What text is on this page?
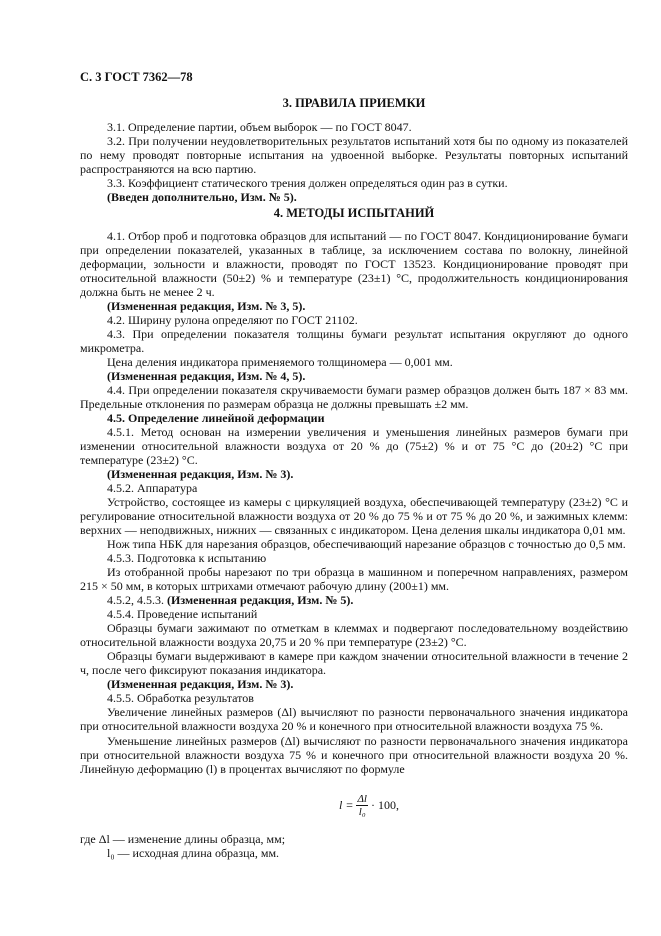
С. 3 ГОСТ 7362—78
3. ПРАВИЛА ПРИЕМКИ

3.1. Определение партии, объем выборок — по ГОСТ 8047.

3.2. При получении неудовлетворительных результатов испытаний хотя бы по одному из показателей по нему проводят повторные испытания на удвоенной выборке. Результаты повторных испытаний распространяются на всю партию.

3.3. Коэффициент статического трения должен определяться один раз в сутки.

(Введен дополнительно, Изм. № 5).

4. МЕТОДЫ ИСПЫТАНИЙ

4.1. Отбор проб и подготовка образцов для испытаний — по ГОСТ 8047. Кондиционирование бумаги при определении показателей, указанных в таблице, за исключением состава по волокну, линейной деформации, зольности и влажности, проводят по ГОСТ 13523. Кондиционирование проводят при относительной влажности (50±2) % и температуре (23±1) °С, продолжительность кондиционирования должна быть не менее 2 ч.

(Измененная редакция, Изм. № 3, 5).

4.2. Ширину рулона определяют по ГОСТ 21102.

4.3. При определении показателя толщины бумаги результат испытания округляют до одного микрометра.

Цена деления индикатора применяемого толщиномера — 0,001 мм.

(Измененная редакция, Изм. № 4, 5).

4.4. При определении показателя скручиваемости бумаги размер образцов должен быть 187 × 83 мм. Предельные отклонения по размерам образца не должны превышать ±2 мм.

4.5. Определение линейной деформации

4.5.1. Метод основан на измерении увеличения и уменьшения линейных размеров бумаги при изменении относительной влажности воздуха от 20 % до (75±2) % и от 75 °С до (20±2) °С при температуре (23±2) °С.

(Измененная редакция, Изм. № 3).

4.5.2. Аппаратура

Устройство, состоящее из камеры с циркуляцией воздуха, обеспечивающей температуру (23±2) °С и регулирование относительной влажности воздуха от 20 % до 75 % и от 75 % до 20 %, и зажимных клемм: верхних — неподвижных, нижних — связанных с индикатором. Цена деления шкалы индикатора 0,01 мм.

Нож типа НБК для нарезания образцов, обеспечивающий нарезание образцов с точностью до 0,5 мм.

4.5.3. Подготовка к испытанию

Из отобранной пробы нарезают по три образца в машинном и поперечном направлениях, размером 215 × 50 мм, в которых штрихами отмечают рабочую длину (200±1) мм.

4.5.2, 4.5.3. (Измененная редакция, Изм. № 5).

4.5.4. Проведение испытаний

Образцы бумаги зажимают по отметкам в клеммах и подвергают последовательному воздействию относительной влажности воздуха 20,75 и 20 % при температуре (23±2) °С.

Образцы бумаги выдерживают в камере при каждом значении относительной влажности в течение 2 ч, после чего фиксируют показания индикатора.

(Измененная редакция, Изм. № 3).

4.5.5. Обработка результатов

Увеличение линейных размеров (Δl) вычисляют по разности первоначального значения индикатора при относительной влажности воздуха 20 % и конечного при относительной влажности воздуха 75 %.

Уменьшение линейных размеров (Δl) вычисляют по разности первоначального значения индикатора при относительной влажности воздуха 75 % и конечного при относительной влажности воздуха 20 %. Линейную деформацию (l) в процентах вычисляют по формуле

$l = \frac{\Delta l}{\text{l₀}} \cdot 100$,

где Δl — изменение длины образца, мм;

l₀ — исходная длина образца, мм.
